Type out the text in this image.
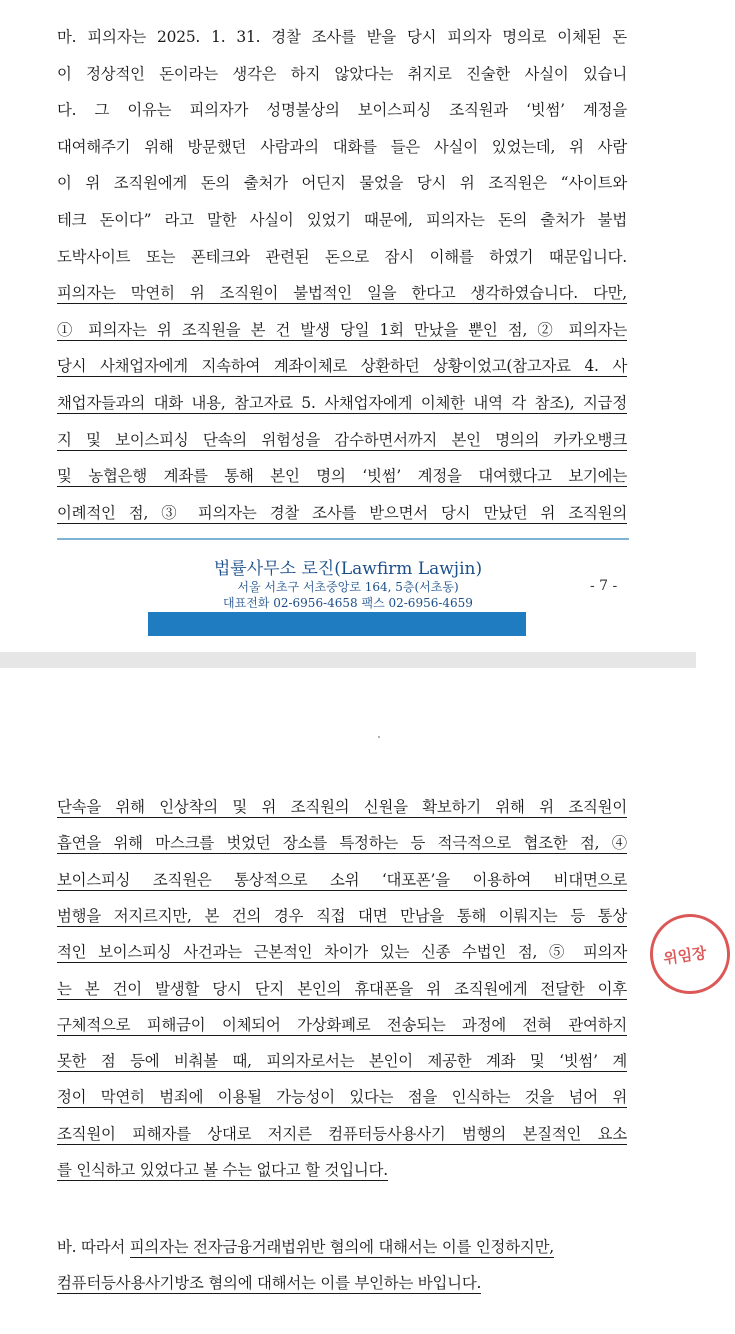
마. 피의자는 2025. 1. 31. 경찰 조사를 받을 당시 피의자 명의로 이체된 돈

이 정상적인 돈이라는 생각은 하지 않았다는 취지로 진술한 사실이 있습니

다. 그 이유는 피의자가 성명불상의 보이스피싱 조직원과 ‘빗썸’ 계정을

대여해주기 위해 방문했던 사람과의 대화를 들은 사실이 있었는데, 위 사람

이 위 조직원에게 돈의 출처가 어딘지 물었을 당시 위 조직원은 “사이트와

테크 돈이다” 라고 말한 사실이 있었기 때문에, 피의자는 돈의 출처가 불법

도박사이트 또는 폰테크와 관련된 돈으로 잠시 이해를 하였기 때문입니다.

피의자는 막연히 위 조직원이 불법적인 일을 한다고 생각하였습니다. 다만,

① 피의자는 위 조직원을 본 건 발생 당일 1회 만났을 뿐인 점, ② 피의자는

당시 사채업자에게 지속하여 계좌이체로 상환하던 상황이었고(참고자료 4. 사

채업자들과의 대화 내용, 참고자료 5. 사채업자에게 이체한 내역 각 참조), 지급정

지 및 보이스피싱 단속의 위험성을 감수하면서까지 본인 명의의 카카오뱅크

및 농협은행 계좌를 통해 본인 명의 ‘빗썸’ 계정을 대여했다고 보기에는

이례적인 점, ③ 피의자는 경찰 조사를 받으면서 당시 만났던 위 조직원의

법률사무소 로진(Lawfirm Lawjin)
서울 서초구 서초중앙로 164, 5층(서초동)
대표전화 02-6956-4658 팩스 02-6956-4659
- 7 -

단속을 위해 인상착의 및 위 조직원의 신원을 확보하기 위해 위 조직원이

흡연을 위해 마스크를 벗었던 장소를 특정하는 등 적극적으로 협조한 점, ④

보이스피싱 조직원은 통상적으로 소위 ‘대포폰’을 이용하여 비대면으로

범행을 저지르지만, 본 건의 경우 직접 대면 만남을 통해 이뤄지는 등 통상

적인 보이스피싱 사건과는 근본적인 차이가 있는 신종 수법인 점, ⑤ 피의자

는 본 건이 발생할 당시 단지 본인의 휴대폰을 위 조직원에게 전달한 이후

구체적으로 피해금이 이체되어 가상화폐로 전송되는 과정에 전혀 관여하지

못한 점 등에 비춰볼 때, 피의자로서는 본인이 제공한 계좌 및 ‘빗썸’ 계

정이 막연히 범죄에 이용될 가능성이 있다는 점을 인식하는 것을 넘어 위

조직원이 피해자를 상대로 저지른 컴퓨터등사용사기 범행의 본질적인 요소

를 인식하고 있었다고 볼 수는 없다고 할 것입니다.

위임장

바. 따라서 피의자는 전자금융거래법위반 혐의에 대해서는 이를 인정하지만,

컴퓨터등사용사기방조 혐의에 대해서는 이를 부인하는 바입니다.
